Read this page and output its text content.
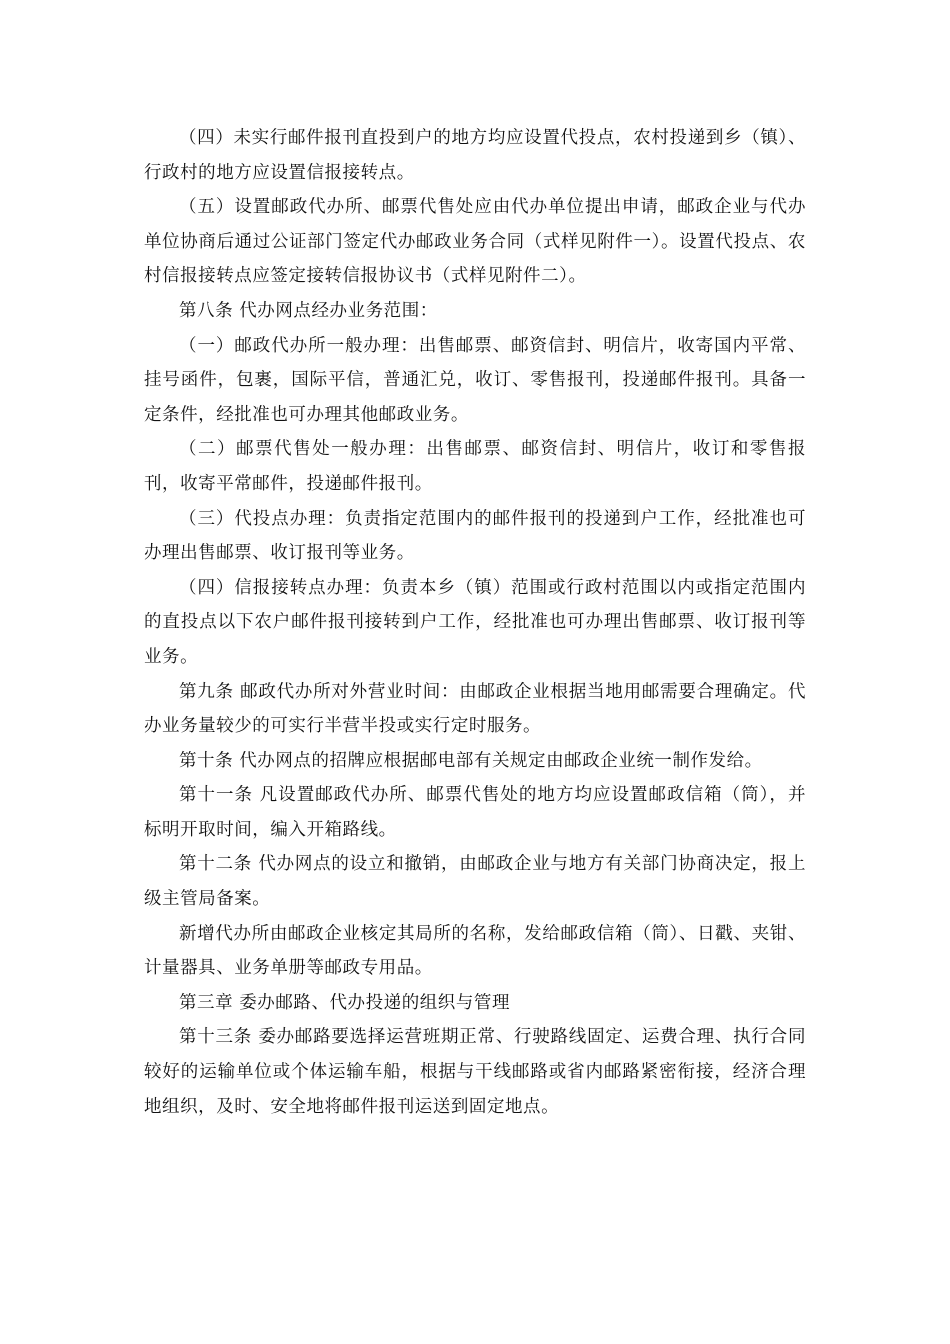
（四）未实行邮件报刊直投到户的地方均应设置代投点，农村投递到乡（镇）、行政村的地方应设置信报接转点。

（五）设置邮政代办所、邮票代售处应由代办单位提出申请，邮政企业与代办单位协商后通过公证部门签定代办邮政业务合同（式样见附件一）。设置代投点、农村信报接转点应签定接转信报协议书（式样见附件二）。

第八条 代办网点经办业务范围：

（一）邮政代办所一般办理：出售邮票、邮资信封、明信片，收寄国内平常、挂号函件，包裹，国际平信，普通汇兑，收订、零售报刊，投递邮件报刊。具备一定条件，经批准也可办理其他邮政业务。

（二）邮票代售处一般办理：出售邮票、邮资信封、明信片，收订和零售报刊，收寄平常邮件，投递邮件报刊。

（三）代投点办理：负责指定范围内的邮件报刊的投递到户工作，经批准也可办理出售邮票、收订报刊等业务。

（四）信报接转点办理：负责本乡（镇）范围或行政村范围以内或指定范围内的直投点以下农户邮件报刊接转到户工作，经批准也可办理出售邮票、收订报刊等业务。

第九条 邮政代办所对外营业时间：由邮政企业根据当地用邮需要合理确定。代办业务量较少的可实行半营半投或实行定时服务。

第十条 代办网点的招牌应根据邮电部有关规定由邮政企业统一制作发给。

第十一条 凡设置邮政代办所、邮票代售处的地方均应设置邮政信箱（筒），并标明开取时间，编入开箱路线。

第十二条 代办网点的设立和撤销，由邮政企业与地方有关部门协商决定，报上级主管局备案。

新增代办所由邮政企业核定其局所的名称，发给邮政信箱（筒）、日戳、夹钳、计量器具、业务单册等邮政专用品。

第三章 委办邮路、代办投递的组织与管理

第十三条 委办邮路要选择运营班期正常、行驶路线固定、运费合理、执行合同较好的运输单位或个体运输车船，根据与干线邮路或省内邮路紧密衔接，经济合理地组织，及时、安全地将邮件报刊运送到固定地点。
